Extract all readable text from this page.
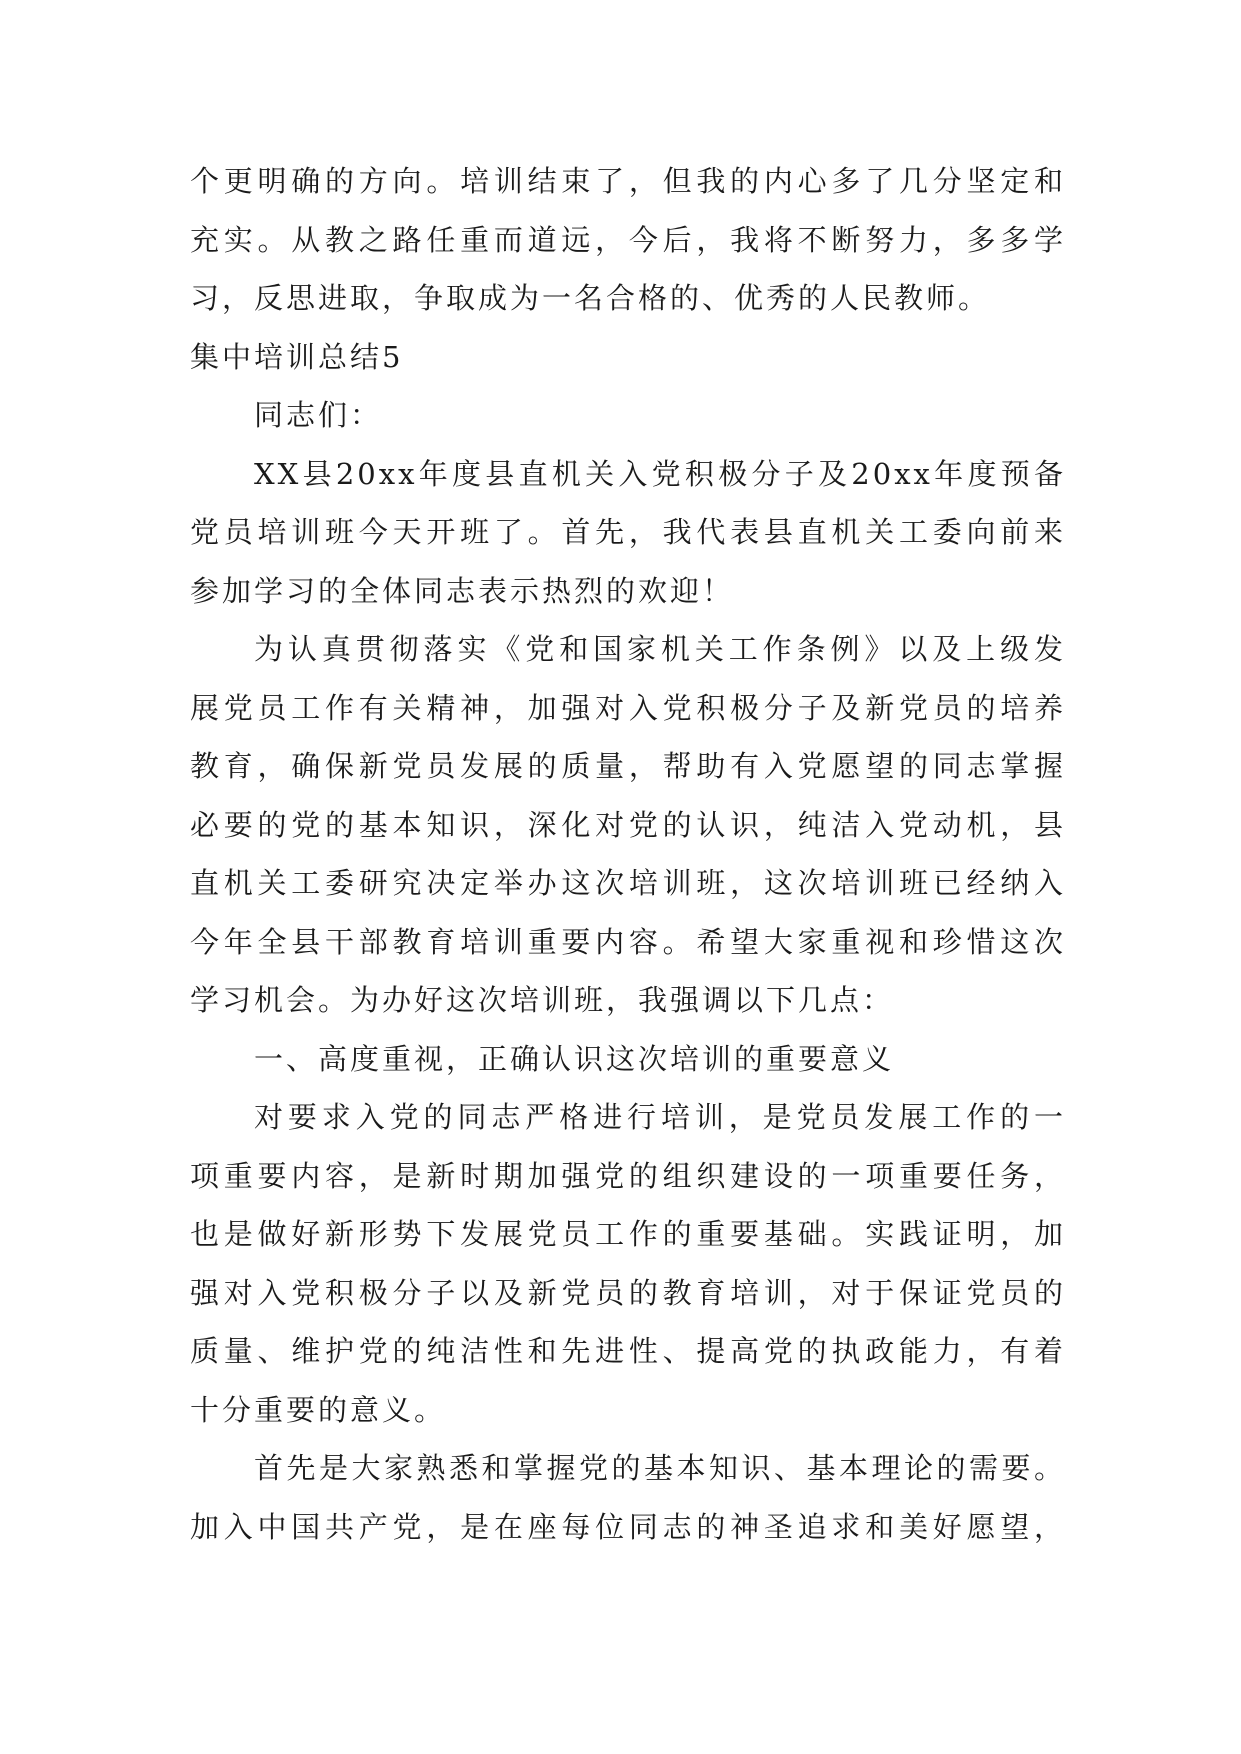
个更明确的方向。培训结束了，但我的内心多了几分坚定和
充实。从教之路任重而道远，今后，我将不断努力，多多学
习，反思进取，争取成为一名合格的、优秀的人民教师。
集中培训总结5
同志们：
XX县20xx年度县直机关入党积极分子及20xx年度预备
党员培训班今天开班了。首先，我代表县直机关工委向前来
参加学习的全体同志表示热烈的欢迎！
为认真贯彻落实《党和国家机关工作条例》以及上级发
展党员工作有关精神，加强对入党积极分子及新党员的培养
教育，确保新党员发展的质量，帮助有入党愿望的同志掌握
必要的党的基本知识，深化对党的认识，纯洁入党动机，县
直机关工委研究决定举办这次培训班，这次培训班已经纳入
今年全县干部教育培训重要内容。希望大家重视和珍惜这次
学习机会。为办好这次培训班，我强调以下几点：
一、高度重视，正确认识这次培训的重要意义
对要求入党的同志严格进行培训，是党员发展工作的一
项重要内容，是新时期加强党的组织建设的一项重要任务，
也是做好新形势下发展党员工作的重要基础。实践证明，加
强对入党积极分子以及新党员的教育培训，对于保证党员的
质量、维护党的纯洁性和先进性、提高党的执政能力，有着
十分重要的意义。
首先是大家熟悉和掌握党的基本知识、基本理论的需要。
加入中国共产党，是在座每位同志的神圣追求和美好愿望，
